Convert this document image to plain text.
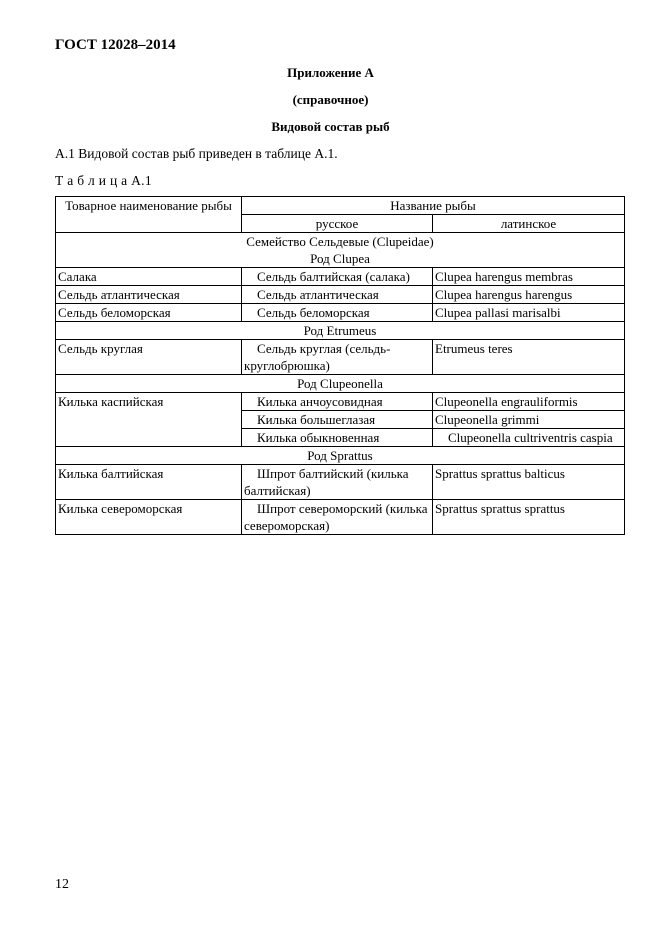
ГОСТ 12028–2014
Приложение А
(справочное)
Видовой состав рыб
А.1 Видовой состав рыб приведен в таблице А.1.
Т а б л и ц а А.1
Товарное наименование рыбы	Название рыбы	
	русское	латинское
Семейство Сельдевые (Clupeidae)		
Род Clupea		
Салака	Сельдь балтийская (салака)	Clupea harengus membras
Сельдь атлантическая	Сельдь атлантическая	Clupea harengus harengus
Сельдь беломорская	Сельдь беломорская	Clupea pallasi marisalbi
Род Etrumeus		
Сельдь круглая	Сельдь круглая (сельдь-круглобрюшка)	Etrumeus teres
Род Clupeonella		
Килька каспийская	Килька анчоусовидная	Clupeonella engrauliformis
	Килька большеглазая	Clupeonella grimmi
	Килька обыкновенная	Clupeonella cultriventris caspia
Род Sprattus		
Килька балтийская	Шпрот балтийский (килька балтийская)	Sprattus sprattus balticus
Килька североморская	Шпрот североморский (килька североморская)	Sprattus sprattus sprattus
12
